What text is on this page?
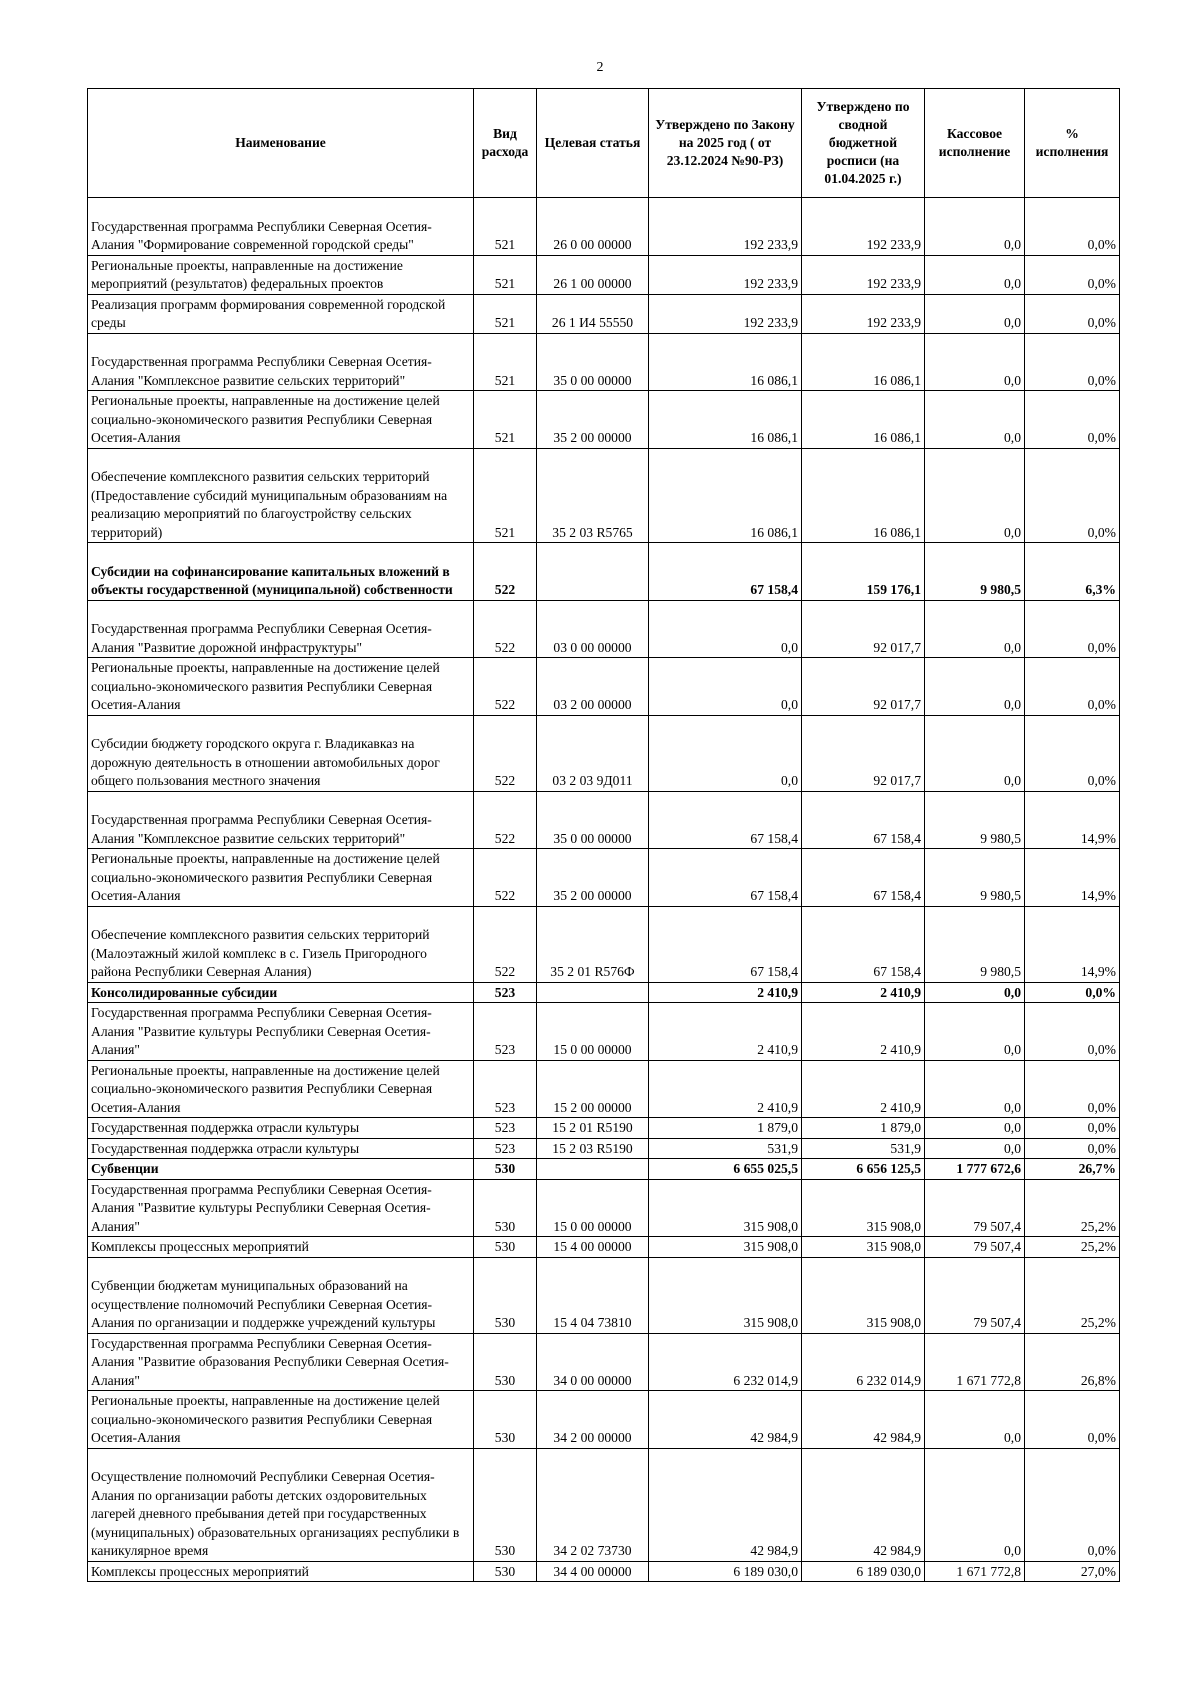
2
Наименование	Вид расхода	Целевая статья	Утверждено по Закону на 2025 год ( от 23.12.2024 №90-РЗ)	Утверждено по сводной бюджетной росписи (на 01.04.2025 г.)	Кассовое исполнение	% исполнения
Государственная программа Республики Северная Осетия-Алания "Формирование современной городской среды"	521	26 0 00 00000	192 233,9	192 233,9	0,0	0,0%
Региональные проекты, направленные на достижение мероприятий (результатов) федеральных проектов	521	26 1 00 00000	192 233,9	192 233,9	0,0	0,0%
Реализация программ формирования современной городской среды	521	26 1 И4 55550	192 233,9	192 233,9	0,0	0,0%
Государственная программа Республики Северная Осетия-Алания "Комплексное развитие сельских территорий"	521	35 0 00 00000	16 086,1	16 086,1	0,0	0,0%
Региональные проекты, направленные на достижение целей социально-экономического развития Республики Северная Осетия-Алания	521	35 2 00 00000	16 086,1	16 086,1	0,0	0,0%
Обеспечение комплексного развития сельских территорий (Предоставление субсидий муниципальным образованиям на реализацию мероприятий по благоустройству сельских территорий)	521	35 2 03 R5765	16 086,1	16 086,1	0,0	0,0%
Субсидии на софинансирование капитальных вложений в объекты государственной (муниципальной) собственности	522		67 158,4	159 176,1	9 980,5	6,3%
Государственная программа Республики Северная Осетия-Алания "Развитие дорожной инфраструктуры"	522	03 0 00 00000	0,0	92 017,7	0,0	0,0%
Региональные проекты, направленные на достижение целей социально-экономического развития Республики Северная Осетия-Алания	522	03 2 00 00000	0,0	92 017,7	0,0	0,0%
Субсидии бюджету городского округа г. Владикавказ на дорожную деятельность в отношении автомобильных дорог общего пользования местного значения	522	03 2 03 9Д011	0,0	92 017,7	0,0	0,0%
Государственная программа Республики Северная Осетия-Алания "Комплексное развитие сельских территорий"	522	35 0 00 00000	67 158,4	67 158,4	9 980,5	14,9%
Региональные проекты, направленные на достижение целей социально-экономического развития Республики Северная Осетия-Алания	522	35 2 00 00000	67 158,4	67 158,4	9 980,5	14,9%
Обеспечение комплексного развития сельских территорий (Малоэтажный жилой комплекс в с. Гизель Пригородного района Республики Северная Алания)	522	35 2 01 R576Ф	67 158,4	67 158,4	9 980,5	14,9%
Консолидированные субсидии	523		2 410,9	2 410,9	0,0	0,0%
Государственная программа Республики Северная Осетия-Алания "Развитие культуры Республики Северная Осетия-Алания"	523	15 0 00 00000	2 410,9	2 410,9	0,0	0,0%
Региональные проекты, направленные на достижение целей социально-экономического развития Республики Северная Осетия-Алания	523	15 2 00 00000	2 410,9	2 410,9	0,0	0,0%
Государственная поддержка отрасли культуры	523	15 2 01 R5190	1 879,0	1 879,0	0,0	0,0%
Государственная поддержка отрасли культуры	523	15 2 03 R5190	531,9	531,9	0,0	0,0%
Субвенции	530		6 655 025,5	6 656 125,5	1 777 672,6	26,7%
Государственная программа Республики Северная Осетия-Алания "Развитие культуры Республики Северная Осетия-Алания"	530	15 0 00 00000	315 908,0	315 908,0	79 507,4	25,2%
Комплексы процессных мероприятий	530	15 4 00 00000	315 908,0	315 908,0	79 507,4	25,2%
Субвенции бюджетам муниципальных образований на осуществление полномочий Республики Северная Осетия-Алания по организации и поддержке учреждений культуры	530	15 4 04 73810	315 908,0	315 908,0	79 507,4	25,2%
Государственная программа Республики Северная Осетия-Алания "Развитие образования Республики Северная Осетия-Алания"	530	34 0 00 00000	6 232 014,9	6 232 014,9	1 671 772,8	26,8%
Региональные проекты, направленные на достижение целей социально-экономического развития Республики Северная Осетия-Алания	530	34 2 00 00000	42 984,9	42 984,9	0,0	0,0%
Осуществление полномочий Республики Северная Осетия-Алания по организации работы детских оздоровительных лагерей дневного пребывания детей при государственных (муниципальных) образовательных организациях республики в каникулярное время	530	34 2 02 73730	42 984,9	42 984,9	0,0	0,0%
Комплексы процессных мероприятий	530	34 4 00 00000	6 189 030,0	6 189 030,0	1 671 772,8	27,0%
